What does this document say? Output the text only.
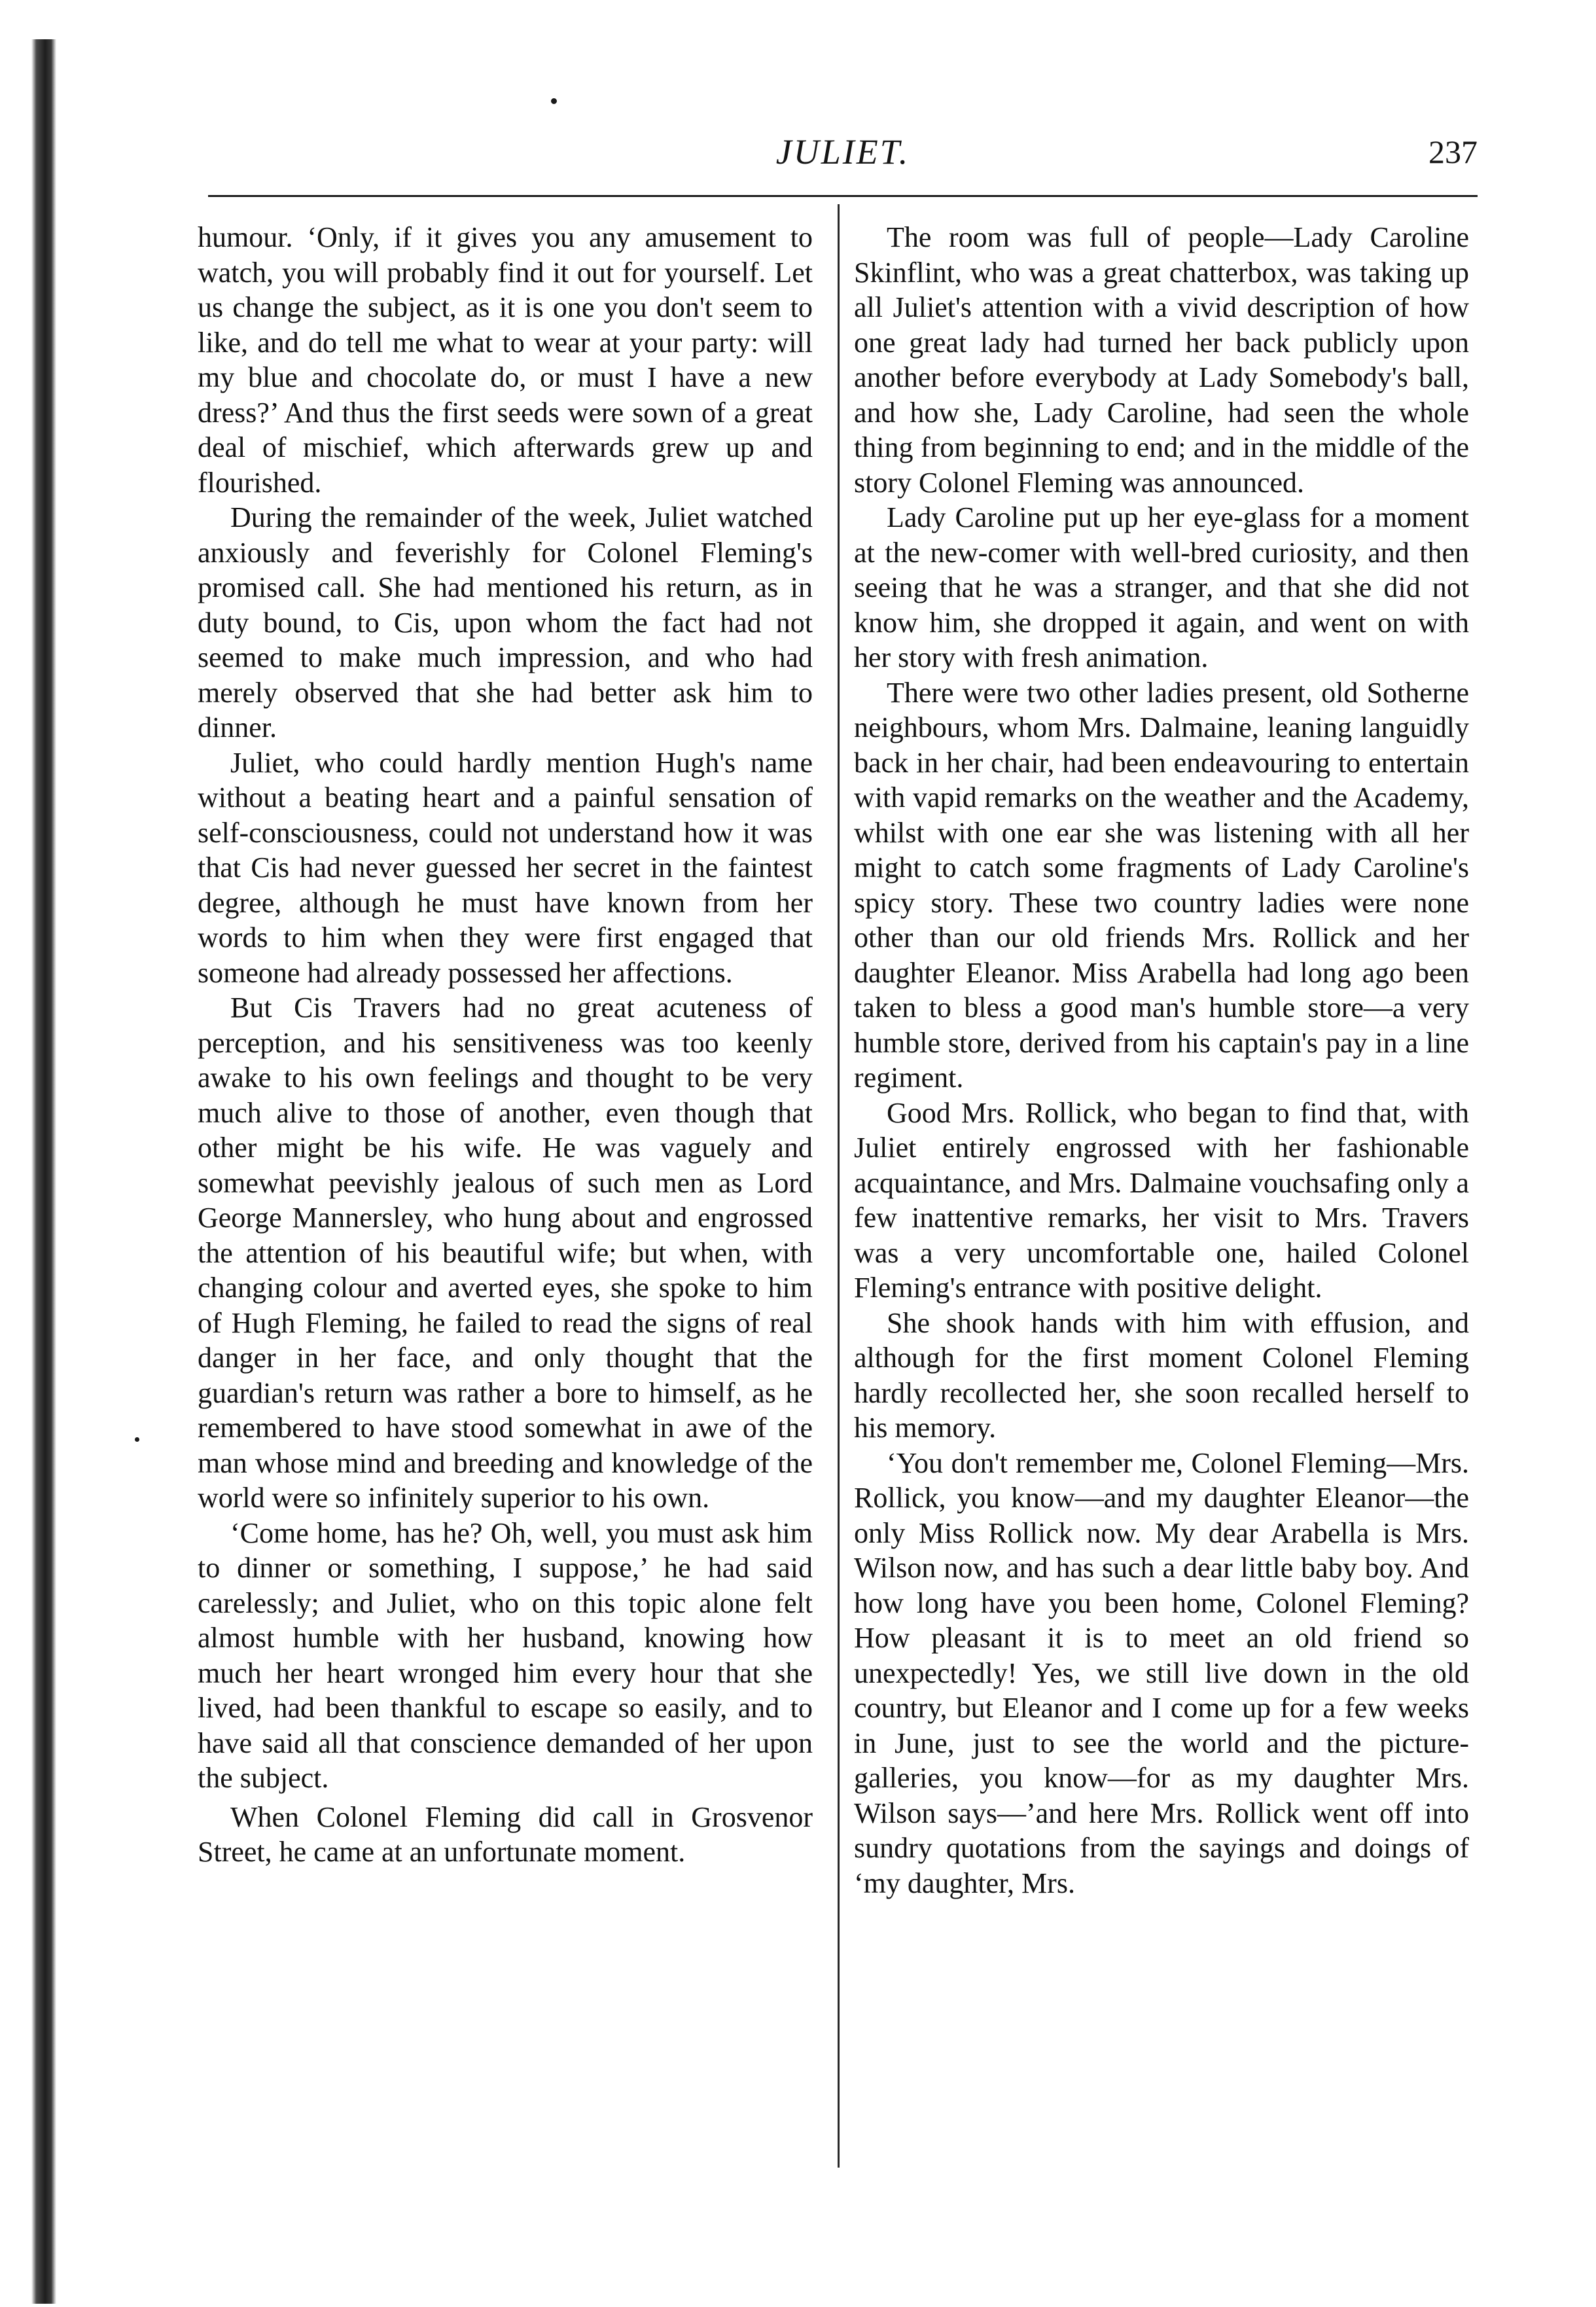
JULIET.	237

humour. ‘Only, if it gives you any amusement to watch, you will probably find it out for yourself. Let us change the subject, as it is one you don't seem to like, and do tell me what to wear at your party: will my blue and chocolate do, or must I have a new dress?’ And thus the first seeds were sown of a great deal of mischief, which afterwards grew up and flourished.

During the remainder of the week, Juliet watched anxiously and feverishly for Colonel Fleming's promised call. She had mentioned his return, as in duty bound, to Cis, upon whom the fact had not seemed to make much impression, and who had merely observed that she had better ask him to dinner.

Juliet, who could hardly mention Hugh's name without a beating heart and a painful sensation of self-consciousness, could not understand how it was that Cis had never guessed her secret in the faintest degree, although he must have known from her words to him when they were first engaged that someone had already possessed her affections.

But Cis Travers had no great acuteness of perception, and his sensitiveness was too keenly awake to his own feelings and thought to be very much alive to those of another, even though that other might be his wife. He was vaguely and somewhat peevishly jealous of such men as Lord George Mannersley, who hung about and engrossed the attention of his beautiful wife; but when, with changing colour and averted eyes, she spoke to him of Hugh Fleming, he failed to read the signs of real danger in her face, and only thought that the guardian's return was rather a bore to himself, as he remembered to have stood somewhat in awe of the man whose mind and breeding and knowledge of the world were so infinitely superior to his own.

‘Come home, has he? Oh, well, you must ask him to dinner or something, I suppose,’ he had said carelessly; and Juliet, who on this topic alone felt almost humble with her husband, knowing how much her heart wronged him every hour that she lived, had been thankful to escape so easily, and to have said all that conscience demanded of her upon the subject.

When Colonel Fleming did call in Grosvenor Street, he came at an unfortunate moment.

The room was full of people—Lady Caroline Skinflint, who was a great chatterbox, was taking up all Juliet's attention with a vivid description of how one great lady had turned her back publicly upon another before everybody at Lady Somebody's ball, and how she, Lady Caroline, had seen the whole thing from beginning to end; and in the middle of the story Colonel Fleming was announced.

Lady Caroline put up her eye-glass for a moment at the new-comer with well-bred curiosity, and then seeing that he was a stranger, and that she did not know him, she dropped it again, and went on with her story with fresh animation.

There were two other ladies present, old Sotherne neighbours, whom Mrs. Dalmaine, leaning languidly back in her chair, had been endeavouring to entertain with vapid remarks on the weather and the Academy, whilst with one ear she was listening with all her might to catch some fragments of Lady Caroline's spicy story. These two country ladies were none other than our old friends Mrs. Rollick and her daughter Eleanor. Miss Arabella had long ago been taken to bless a good man's humble store—a very humble store, derived from his captain's pay in a line regiment.

Good Mrs. Rollick, who began to find that, with Juliet entirely engrossed with her fashionable acquaintance, and Mrs. Dalmaine vouchsafing only a few inattentive remarks, her visit to Mrs. Travers was a very uncomfortable one, hailed Colonel Fleming's entrance with positive delight.

She shook hands with him with effusion, and although for the first moment Colonel Fleming hardly recollected her, she soon recalled herself to his memory.

‘You don't remember me, Colonel Fleming—Mrs. Rollick, you know—and my daughter Eleanor—the only Miss Rollick now. My dear Arabella is Mrs. Wilson now, and has such a dear little baby boy. And how long have you been home, Colonel Fleming? How pleasant it is to meet an old friend so unexpectedly! Yes, we still live down in the old country, but Eleanor and I come up for a few weeks in June, just to see the world and the picture-galleries, you know—for as my daughter Mrs. Wilson says—’and here Mrs. Rollick went off into sundry quotations from the sayings and doings of ‘my daughter, Mrs.
